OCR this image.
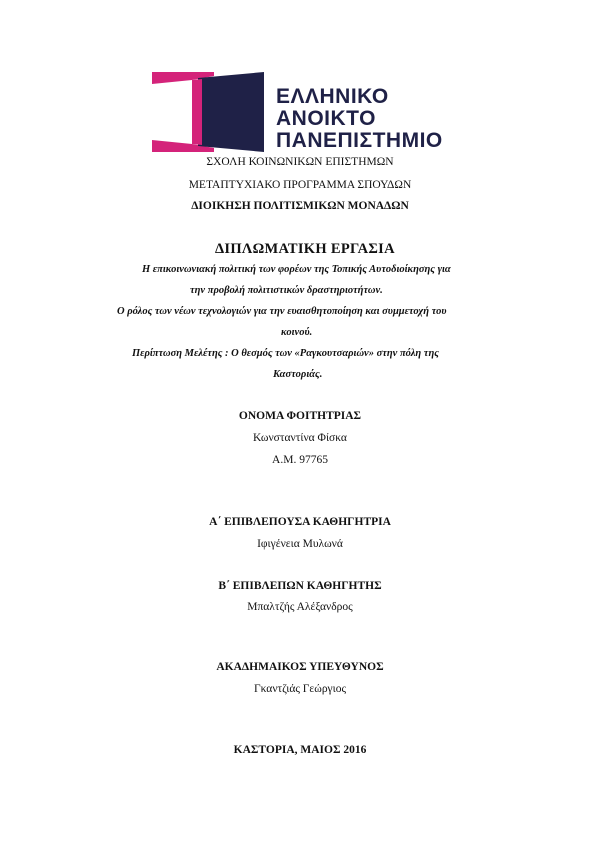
ΕΛΛΗΝΙΚΟ
ΑΝΟΙΚΤΟ
ΠΑΝΕΠΙΣΤΗΜΙΟ
ΣΧΟΛΗ ΚΟΙΝΩΝΙΚΩΝ ΕΠΙΣΤΗΜΩΝ
ΜΕΤΑΠΤΥΧΙΑΚΟ ΠΡΟΓΡΑΜΜΑ ΣΠΟΥΔΩΝ
ΔΙΟΙΚΗΣΗ ΠΟΛΙΤΙΣΜΙΚΩΝ ΜΟΝΑΔΩΝ
ΔΙΠΛΩΜΑΤΙΚΗ ΕΡΓΑΣΙΑ
Η επικοινωνιακή πολιτική των φορέων της Τοπικής Αυτοδιοίκησης για
την προβολή πολιτιστικών δραστηριοτήτων.
Ο ρόλος των νέων τεχνολογιών για την ευαισθητοποίηση και συμμετοχή του
κοινού.
Περίπτωση Μελέτης : Ο θεσμός των «Ραγκουτσαριών» στην πόλη της
Καστοριάς.
ΟΝΟΜΑ ΦΟΙΤΗΤΡΙΑΣ
Κωνσταντίνα Φίσκα
Α.Μ. 97765
Α΄ ΕΠΙΒΛΕΠΟΥΣΑ ΚΑΘΗΓΗΤΡΙΑ
Ιφιγένεια Μυλωνά
Β΄ ΕΠΙΒΛΕΠΩΝ ΚΑΘΗΓΗΤΗΣ
Μπαλτζής Αλέξανδρος
ΑΚΑΔΗΜΑΙΚΟΣ ΥΠΕΥΘΥΝΟΣ
Γκαντζιάς Γεώργιος
ΚΑΣΤΟΡΙΑ, ΜΑΙΟΣ 2016
